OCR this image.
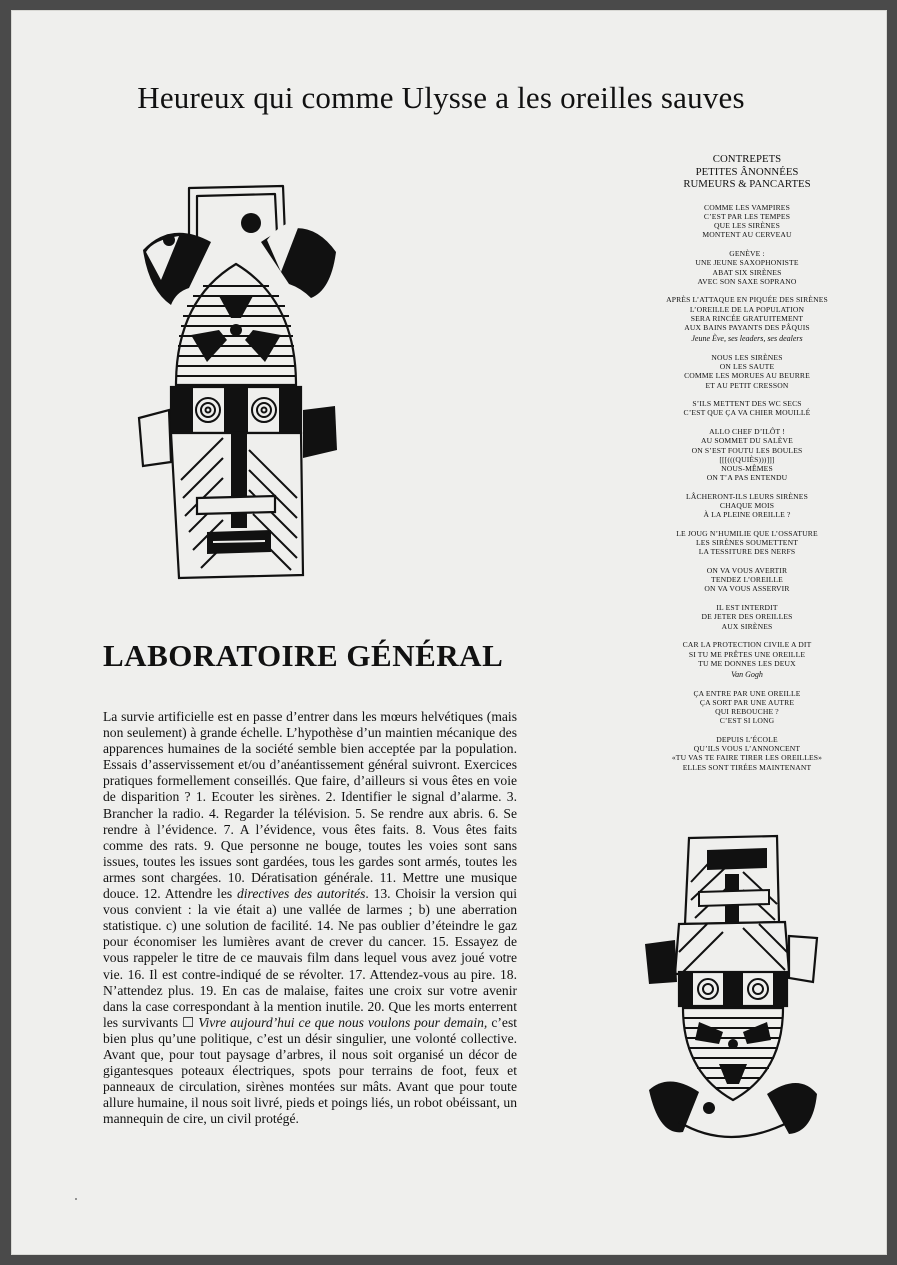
Heureux qui comme Ulysse a les oreilles sauves
LABORATOIRE GÉNÉRAL
La survie artificielle est en passe d’entrer dans les mœurs helvétiques (mais non seulement) à grande échelle. L’hypothèse d’un maintien mécanique des apparences humaines de la société semble bien acceptée par la population. Essais d’asservissement et/ou d’anéantissement général suivront. Exercices pratiques formellement conseillés. Que faire, d’ailleurs si vous êtes en voie de disparition ? 1. Ecouter les sirènes. 2. Identifier le signal d’alarme. 3. Brancher la radio. 4. Regarder la télévision. 5. Se rendre aux abris. 6. Se rendre à l’évidence. 7. A l’évidence, vous êtes faits. 8. Vous êtes faits comme des rats. 9. Que personne ne bouge, toutes les voies sont sans issues, toutes les issues sont gardées, tous les gardes sont armés, toutes les armes sont chargées. 10. Dératisation générale. 11. Mettre une musique douce. 12. Attendre les directives des autorités. 13. Choisir la version qui vous convient : la vie était a) une vallée de larmes ; b) une aberration statistique. c) une solution de facilité. 14. Ne pas oublier d’éteindre le gaz pour économiser les lumières avant de crever du cancer. 15. Essayez de vous rappeler le titre de ce mauvais film dans lequel vous avez joué votre vie. 16. Il est contre-indiqué de se révolter. 17. Attendez-vous au pire. 18. N’attendez plus. 19. En cas de malaise, faites une croix sur votre avenir dans la case correspondant à la mention inutile. 20. Que les morts enterrent les survivants ☐ Vivre aujourd’hui ce que nous voulons pour demain, c’est bien plus qu’une politique, c’est un désir singulier, une volonté collective. Avant que, pour tout paysage d’arbres, il nous soit organisé un décor de gigantesques poteaux électriques, spots pour terrains de foot, feux et panneaux de circulation, sirènes montées sur mâts. Avant que pour toute allure humaine, il nous soit livré, pieds et poings liés, un robot obéissant, un mannequin de cire, un civil protégé.
CONTREPETS
PETITES ÂNONNÉES
RUMEURS & PANCARTES
COMME LES VAMPIRES
C’EST PAR LES TEMPES
QUE LES SIRÈNES
MONTENT AU CERVEAU
GENÈVE :
UNE JEUNE SAXOPHONISTE
ABAT SIX SIRÈNES
AVEC SON SAXE SOPRANO
APRÈS L’ATTAQUE EN PIQUÉE DES SIRÈNES
L’OREILLE DE LA POPULATION
SERA RINCÉE GRATUITEMENT
AUX BAINS PAYANTS DES PÂQUIS
Jeune Ève, ses leaders, ses dealers
NOUS LES SIRÈNES
ON LES SAUTE
COMME LES MORUES AU BEURRE
ET AU PETIT CRESSON
S’ILS METTENT DES WC SECS
C’EST QUE ÇA VA CHIER MOUILLÉ
ALLO CHEF D’ILÔT !
AU SOMMET DU SALÈVE
ON S’EST FOUTU LES BOULES
[[[(((QUIÈS)))]]]
NOUS-MÊMES
ON T’A PAS ENTENDU
LÂCHERONT-ILS LEURS SIRÈNES
CHAQUE MOIS
À LA PLEINE OREILLE ?
LE JOUG N’HUMILIE QUE L’OSSATURE
LES SIRÈNES SOUMETTENT
LA TESSITURE DES NERFS
ON VA VOUS AVERTIR
TENDEZ L’OREILLE
ON VA VOUS ASSERVIR
IL EST INTERDIT
DE JETER DES OREILLES
AUX SIRÈNES
CAR LA PROTECTION CIVILE A DIT
SI TU ME PRÊTES UNE OREILLE
TU ME DONNES LES DEUX
Van Gogh
ÇA ENTRE PAR UNE OREILLE
ÇA SORT PAR UNE AUTRE
QUI REBOUCHE ?
C’EST SI LONG
DEPUIS L’ÉCOLE
QU’ILS VOUS L’ANNONCENT
«TU VAS TE FAIRE TIRER LES OREILLES»
ELLES SONT TIRÉES MAINTENANT
